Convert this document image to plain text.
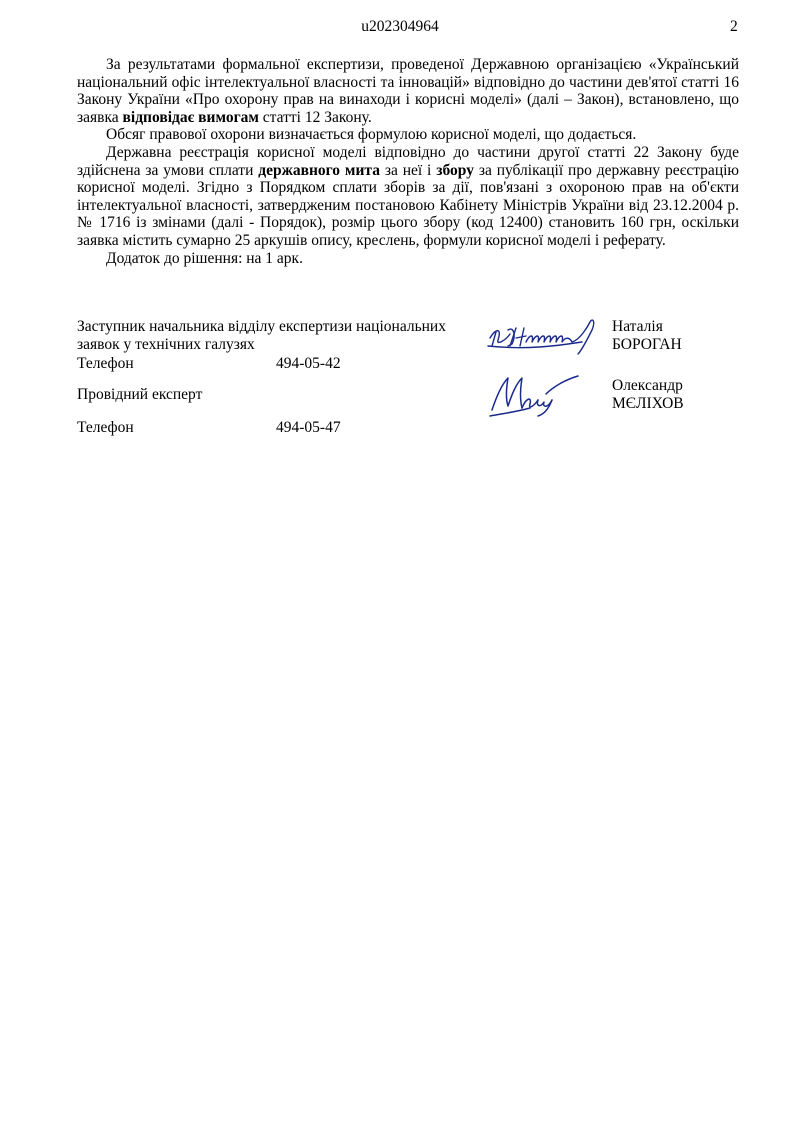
u202304964	2

За результатами формальної експертизи, проведеної Державною організацією «Український національний офіс інтелектуальної власності та інновацій» відповідно до частини дев'ятої статті 16 Закону України «Про охорону прав на винаходи і корисні моделі» (далі – Закон), встановлено, що заявка відповідає вимогам статті 12 Закону.

Обсяг правової охорони визначається формулою корисної моделі, що додається.

Державна реєстрація корисної моделі відповідно до частини другої статті 22 Закону буде здійснена за умови сплати державного мита за неї і збору за публікації про державну реєстрацію корисної моделі. Згідно з Порядком сплати зборів за дії, пов'язані з охороною прав на об'єкти інтелектуальної власності, затвердженим постановою Кабінету Міністрів України від 23.12.2004 р. № 1716 із змінами (далі - Порядок), розмір цього збору (код 12400) становить 160 грн, оскільки заявка містить сумарно 25 аркушів опису, креслень, формули корисної моделі і реферату.

Додаток до рішення: на 1 арк.

Заступник начальника відділу експертизи національних
заявок у технічних галузях
Телефон	494-05-42
Наталія
БОРОГАН
Провідний експерт
Телефон	494-05-47
Олександр
МЄЛІХОВ
